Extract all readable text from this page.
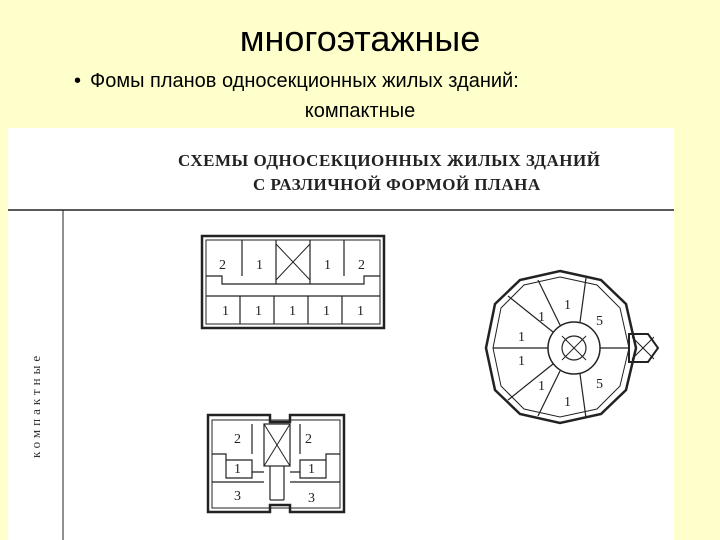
многоэтажные
• Фомы планов односекционных жилых зданий:
компактные
СХЕМЫ ОДНОСЕКЦИОННЫХ ЖИЛЫХ ЗДАНИЙ
С РАЗЛИЧНОЙ ФОРМОЙ ПЛАНА
компактные
2 1	1 2
1 1 1 1 1	1
1
5
1
1
1	5
1
2	2
1	1
3	3
